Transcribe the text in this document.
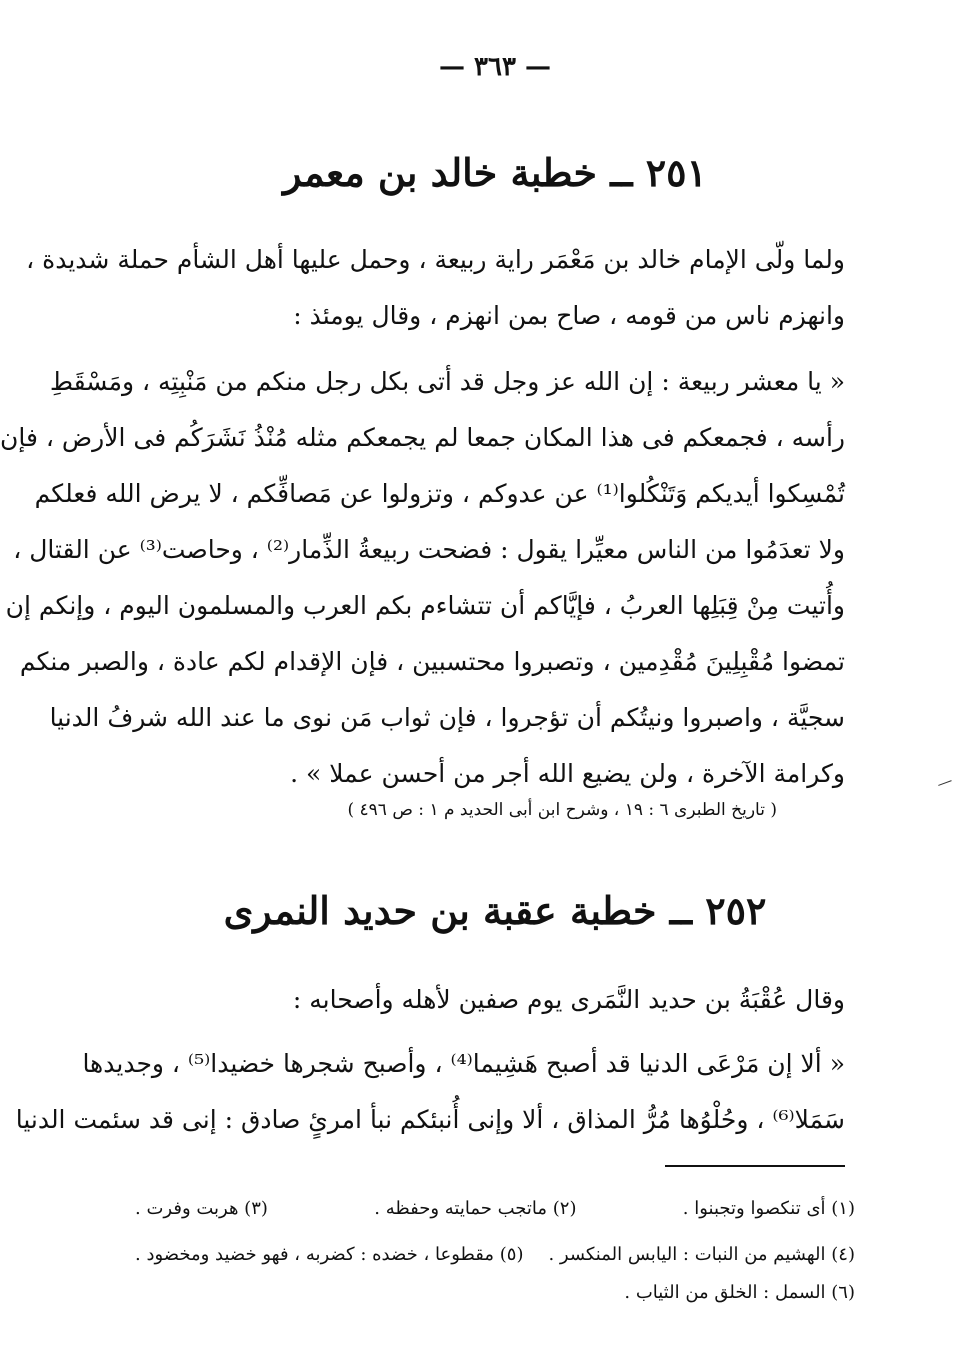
— ٣٦٣ —
٢٥١ ــ خطبة خالد بن معمر
ولما ولّى الإمام خالد بن مَعْمَر راية ربيعة ، وحمل عليها أهل الشأم حملة شديدة ،
وانهزم ناس من قومه ، صاح بمن انهزم ، وقال يومئذ :
« يا معشر ربيعة : إن الله عز وجل قد أتى بكل رجل منكم من مَنْبِتِه ، ومَسْقَطِ
رأسه ، فجمعكم فى هذا المكان جمعا لم يجمعكم مثله مُنْذُ نَشَرَكُم فى الأرض ، فإن
تُمْسِكوا أيديكم وَتَنْكُلوا⁽¹⁾ عن عدوكم ، وتزولوا عن مَصافِّكم ، لا يرض الله فعلكم
ولا تعدَمُوا من الناس معيِّرا يقول : فضحت ربيعةُ الذِّمار⁽²⁾ ، وحاصت⁽³⁾ عن القتال ،
وأُتيت مِنْ قِبَلِها العربُ ، فإيَّاكم أن تتشاءم بكم العرب والمسلمون اليوم ، وإنكم إن
تمضوا مُقْبِلِينَ مُقْدِمين ، وتصبروا محتسبين ، فإن الإقدام لكم عادة ، والصبر منكم
سجيَّة ، واصبروا ونيتُكم أن تؤجروا ، فإن ثواب مَن نوى ما عند الله شرفُ الدنيا
وكرامة الآخرة ، ولن يضيع الله أجر من أحسن عملا » .
( تاريخ الطبرى ٦ : ١٩ ، وشرح ابن أبى الحديد م ١ : ص ٤٩٦ )
٢٥٢ ــ خطبة عقبة بن حديد النمرى
وقال عُقْبَةُ بن حديد النَّمَرى يوم صفين لأهله وأصحابه :
« ألا إن مَرْعَى الدنيا قد أصبح هَشِيما⁽⁴⁾ ، وأصبح شجرها خضيدا⁽⁵⁾ ، وجديدها
سَمَلا⁽⁶⁾ ، وحُلْوُها مُرُّ المذاق ، ألا وإنى أُنبئكم نبأ امرئٍ صادق : إنى قد سئمت الدنيا
(١) أى تنكصوا وتجبنوا .
(٢) ماتجب حمايته وحفظه .
(٣) هربت وفرت .
(٤) الهشيم من النبات : اليابس المنكسر .
(٥) مقطوعا ، خضده : كضربه ، فهو خضيد ومخضود .
(٦) السمل : الخلق من الثياب .
